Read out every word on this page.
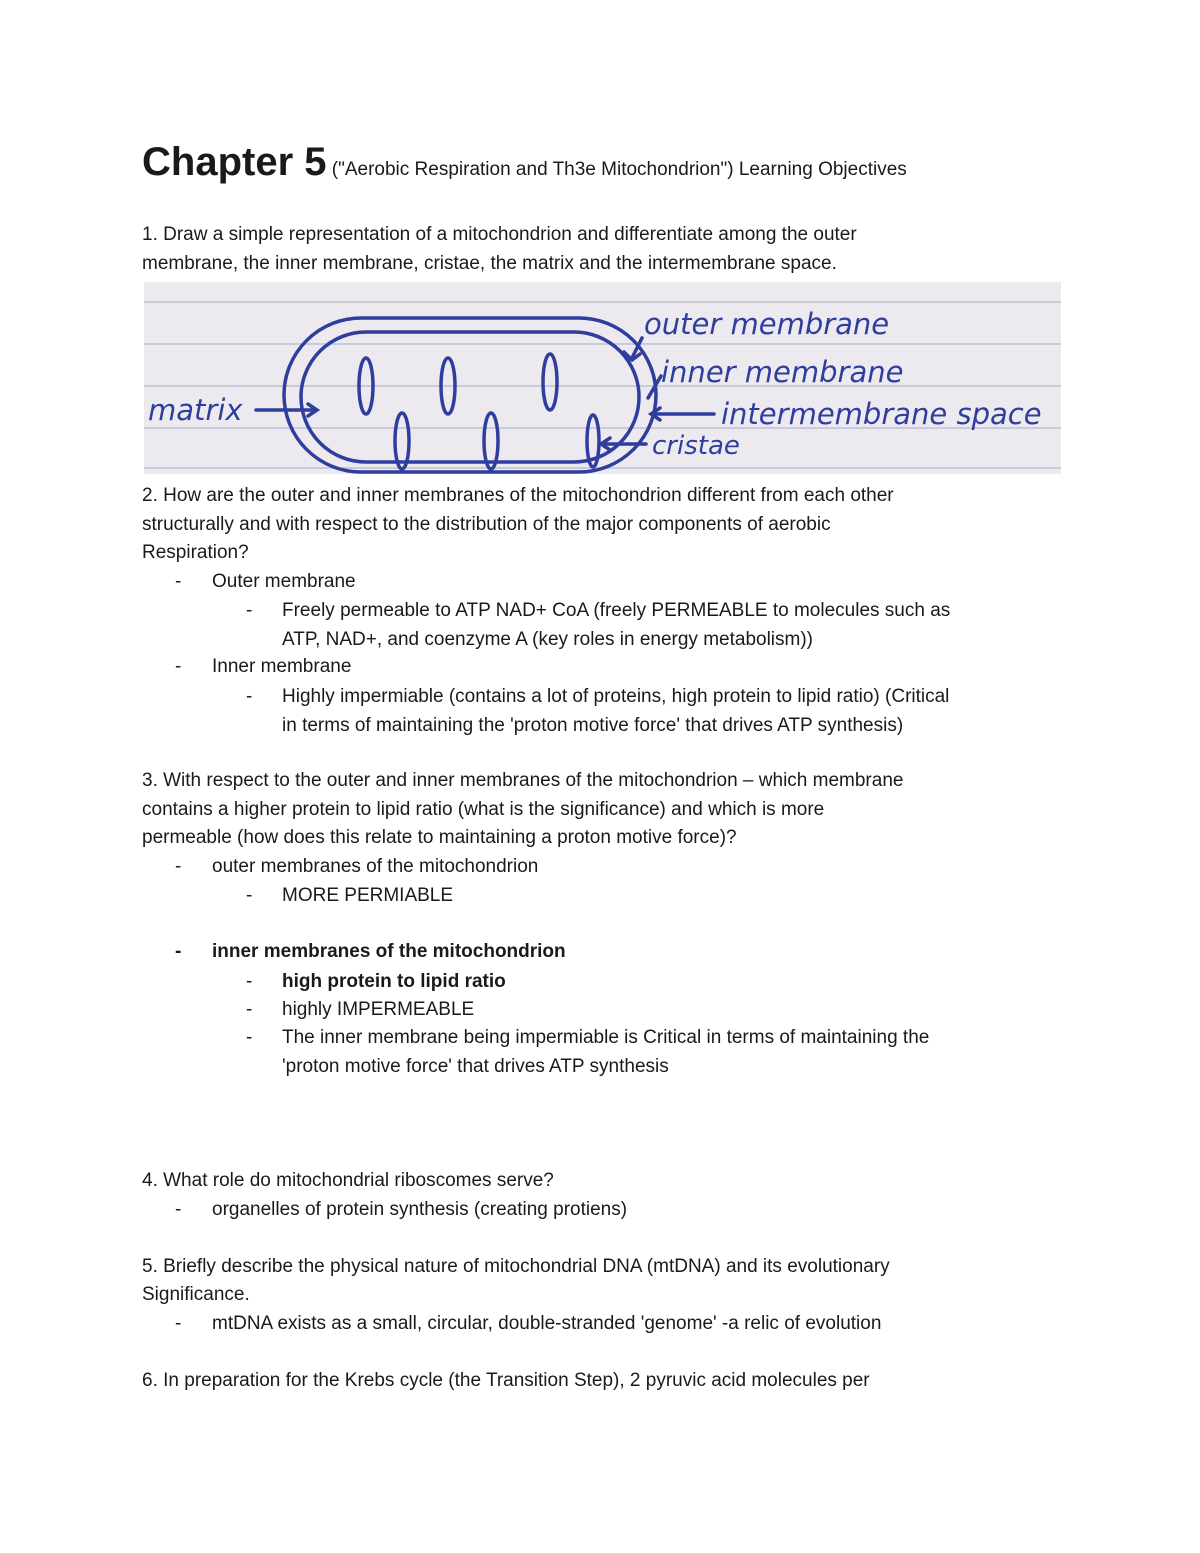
Chapter 5 ("Aerobic Respiration and Th3e Mitochondrion") Learning Objectives
1. Draw a simple representation of a mitochondrion and differentiate among the outer
membrane, the inner membrane, cristae, the matrix and the intermembrane space.
outer membrane
inner membrane
intermembrane space
matrix
cristae
2. How are the outer and inner membranes of the mitochondrion different from each other
structurally and with respect to the distribution of the major components of aerobic
Respiration?
- Outer membrane
- Freely permeable to ATP NAD+ CoA (freely PERMEABLE to molecules such as
ATP, NAD+, and coenzyme A (key roles in energy metabolism))
- Inner membrane
- Highly impermiable (contains a lot of proteins, high protein to lipid ratio) (Critical
in terms of maintaining the 'proton motive force' that drives ATP synthesis)
3. With respect to the outer and inner membranes of the mitochondrion – which membrane
contains a higher protein to lipid ratio (what is the significance) and which is more
permeable (how does this relate to maintaining a proton motive force)?
- outer membranes of the mitochondrion
- MORE PERMIABLE
- inner membranes of the mitochondrion
- high protein to lipid ratio
- highly IMPERMEABLE
- The inner membrane being impermiable is Critical in terms of maintaining the
'proton motive force' that drives ATP synthesis
4. What role do mitochondrial riboscomes serve?
- organelles of protein synthesis (creating protiens)
5. Briefly describe the physical nature of mitochondrial DNA (mtDNA) and its evolutionary
Significance.
- mtDNA exists as a small, circular, double-stranded 'genome' -a relic of evolution
6. In preparation for the Krebs cycle (the Transition Step), 2 pyruvic acid molecules per
